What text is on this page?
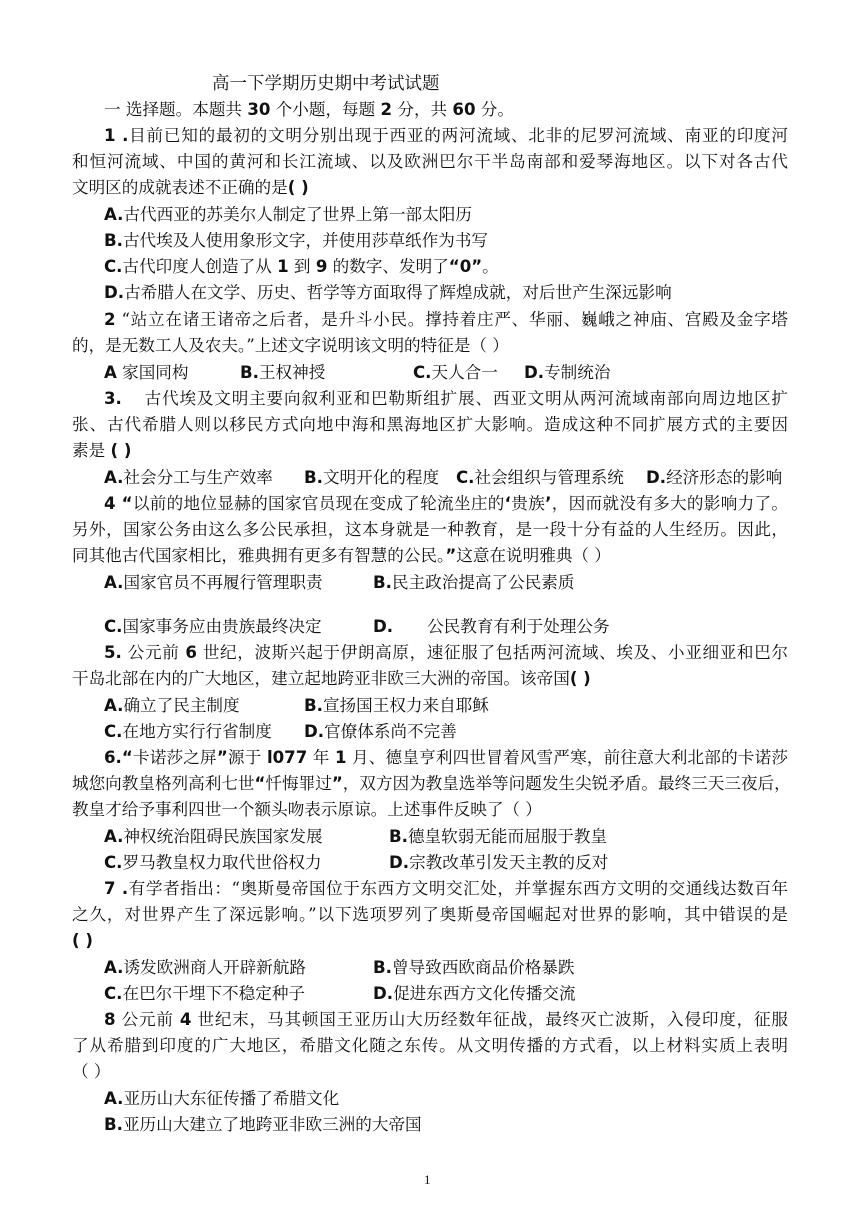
高一下学期历史期中考试试题
一 选择题。本题共 30 个小题，每题 2 分，共 60 分。
1 .目前已知的最初的文明分别出现于西亚的两河流域、北非的尼罗河流域、南亚的印度河
和恒河流域、中国的黄河和长江流域、以及欧洲巴尔干半岛南部和爱琴海地区。以下对各古代
文明区的成就表述不正确的是( )
A.古代西亚的苏美尔人制定了世界上第一部太阳历
B.古代埃及人使用象形文字，并使用莎草纸作为书写
C.古代印度人创造了从 1 到 9 的数字、发明了“0”。
D.古希腊人在文学、历史、哲学等方面取得了辉煌成就，对后世产生深远影响
2 “站立在诸王诸帝之后者，是升斗小民。撑持着庄严、华丽、巍峨之神庙、宫殿及金字塔
的，是无数工人及农夫。”上述文字说明该文明的特征是（ ）
A 家国同构	B.王权神授	C.天人合一 D.专制统治
3. 古代埃及文明主要向叙利亚和巴勒斯组扩展、西亚文明从两河流域南部向周边地区扩
张、古代希腊人则以移民方式向地中海和黑海地区扩大影响。造成这种不同扩展方式的主要因
素是 ( )
A.社会分工与生产效率 B.文明开化的程度 C.社会组织与管理系统 D.经济形态的影响
4 “以前的地位显赫的国家官员现在变成了轮流坐庄的‘贵族’，因而就没有多大的影响力了。
另外，国家公务由这么多公民承担，这本身就是一种教育，是一段十分有益的人生经历。因此，
同其他古代国家相比，雅典拥有更多有智慧的公民。”这意在说明雅典（ ）
A.国家官员不再履行管理职责	B.民主政治提高了公民素质
C.国家事务应由贵族最终决定	D. 公民教育有利于处理公务
5. 公元前 6 世纪，波斯兴起于伊朗高原，速征服了包括两河流域、埃及、小亚细亚和巴尔
干岛北部在内的广大地区，建立起地跨亚非欧三大洲的帝国。该帝国( )
A.确立了民主制度	B.宣扬国王权力来自耶稣
C.在地方实行行省制度 D.官僚体系尚不完善
6.“卡诺莎之屏”源于 l077 年 1 月、德皇亨利四世冒着风雪严寒，前往意大利北部的卡诺莎
城您向教皇格列高利七世“忏悔罪过”，双方因为教皇选举等问题发生尖锐矛盾。最终三天三夜后，
教皇才给予事利四世一个额头吻表示原谅。上述事件反映了（ ）
A.神权统治阻碍民族国家发展	B.德皇软弱无能而屈服于教皇
C.罗马教皇权力取代世俗权力	D.宗教改革引发天主教的反对
7 .有学者指出：“奥斯曼帝国位于东西方文明交汇处，并掌握东西方文明的交通线达数百年
之久，对世界产生了深远影响。”以下选项罗列了奥斯曼帝国崛起对世界的影响，其中错误的是
( )
A.诱发欧洲商人开辟新航路	B.曾导致西欧商品价格暴跌
C.在巴尔干埋下不稳定种子	D.促进东西方文化传播交流
8 公元前 4 世纪末，马其顿国王亚历山大历经数年征战，最终灭亡波斯，入侵印度，征服
了从希腊到印度的广大地区，希腊文化随之东传。从文明传播的方式看，以上材料实质上表明
（ ）
A.亚历山大东征传播了希腊文化
B.亚历山大建立了地跨亚非欧三洲的大帝国
1
